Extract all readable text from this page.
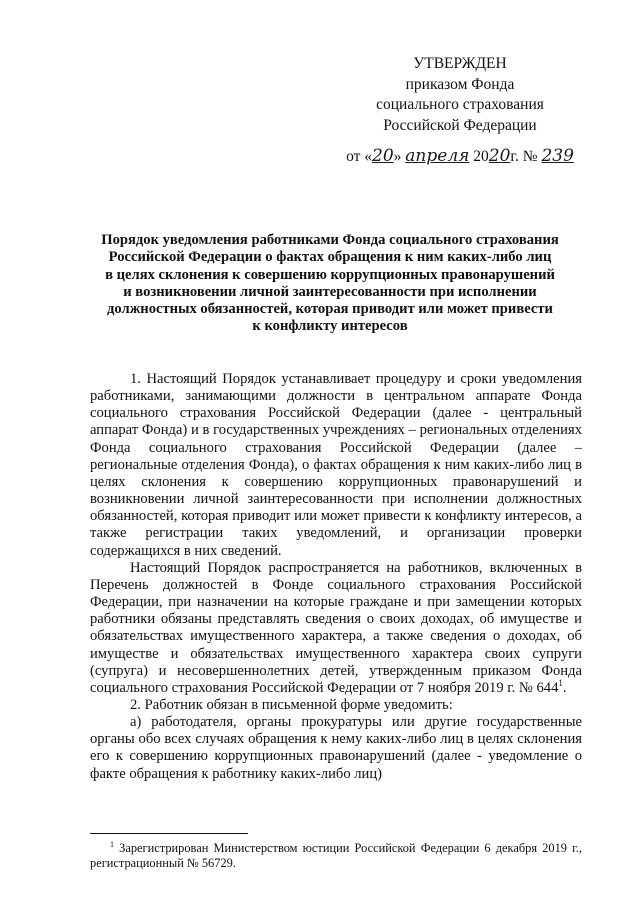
УТВЕРЖДЕН
приказом Фонда
социального страхования
Российской Федерации
от «20» апреля 2020г. № 239
Порядок уведомления работниками Фонда социального страхования
Российской Федерации о фактах обращения к ним каких-либо лиц
в целях склонения к совершению коррупционных правонарушений
и возникновении личной заинтересованности при исполнении
должностных обязанностей, которая приводит или может привести
к конфликту интересов

1. Настоящий Порядок устанавливает процедуру и сроки уведомления работниками, занимающими должности в центральном аппарате Фонда социального страхования Российской Федерации (далее - центральный аппарат Фонда) и в государственных учреждениях – региональных отделениях Фонда социального страхования Российской Федерации (далее – региональные отделения Фонда), о фактах обращения к ним каких-либо лиц в целях склонения к совершению коррупционных правонарушений и возникновении личной заинтересованности при исполнении должностных обязанностей, которая приводит или может привести к конфликту интересов, а также регистрации таких уведомлений, и организации проверки содержащихся в них сведений.

Настоящий Порядок распространяется на работников, включенных в Перечень должностей в Фонде социального страхования Российской Федерации, при назначении на которые граждане и при замещении которых работники обязаны представлять сведения о своих доходах, об имуществе и обязательствах имущественного характера, а также сведения о доходах, об имуществе и обязательствах имущественного характера своих супруги (супруга) и несовершеннолетних детей, утвержденным приказом Фонда социального страхования Российской Федерации от 7 ноября 2019 г. № $644^1$.

2. Работник обязан в письменной форме уведомить:

а) работодателя, органы прокуратуры или другие государственные органы обо всех случаях обращения к нему каких-либо лиц в целях склонения его к совершению коррупционных правонарушений (далее - уведомление о факте обращения к работнику каких-либо лиц)

$^1$ Зарегистрирован Министерством юстиции Российской Федерации 6 декабря 2019 г., регистрационный № 56729.
